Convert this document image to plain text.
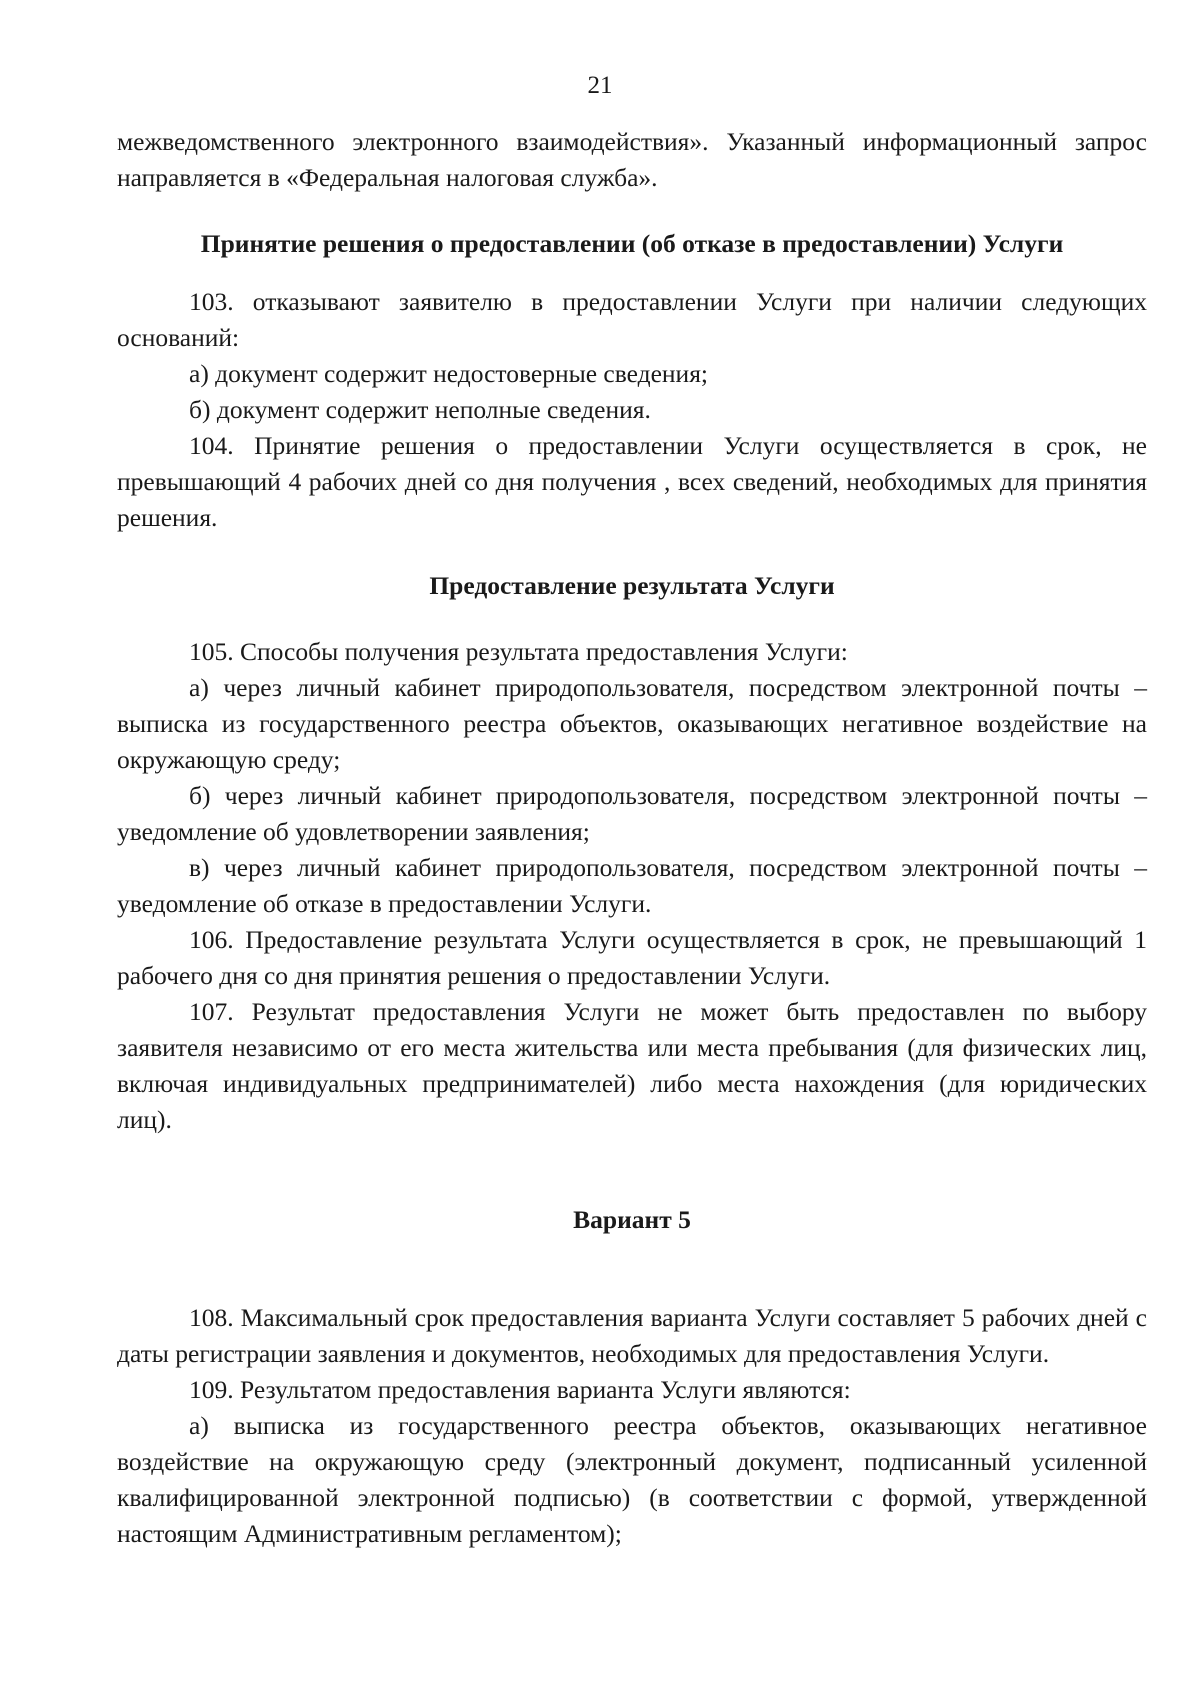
21

межведомственного электронного взаимодействия». Указанный информационный запрос направляется в «Федеральная налоговая служба».

Принятие решения о предоставлении (об отказе в предоставлении) Услуги

103. отказывают заявителю в предоставлении Услуги при наличии следующих оснований:

а) документ содержит недостоверные сведения;

б) документ содержит неполные сведения.

104. Принятие решения о предоставлении Услуги осуществляется в срок, не превышающий 4 рабочих дней со дня получения , всех сведений, необходимых для принятия решения.

Предоставление результата Услуги

105. Способы получения результата предоставления Услуги:

а) через личный кабинет природопользователя, посредством электронной почты – выписка из государственного реестра объектов, оказывающих негативное воздействие на окружающую среду;

б) через личный кабинет природопользователя, посредством электронной почты – уведомление об удовлетворении заявления;

в) через личный кабинет природопользователя, посредством электронной почты – уведомление об отказе в предоставлении Услуги.

106. Предоставление результата Услуги осуществляется в срок, не превышающий 1 рабочего дня со дня принятия решения о предоставлении Услуги.

107. Результат предоставления Услуги не может быть предоставлен по выбору заявителя независимо от его места жительства или места пребывания (для физических лиц, включая индивидуальных предпринимателей) либо места нахождения (для юридических лиц).

Вариант 5

108. Максимальный срок предоставления варианта Услуги составляет 5 рабочих дней с даты регистрации заявления и документов, необходимых для предоставления Услуги.

109. Результатом предоставления варианта Услуги являются:

а) выписка из государственного реестра объектов, оказывающих негативное воздействие на окружающую среду (электронный документ, подписанный усиленной квалифицированной электронной подписью) (в соответствии с формой, утвержденной настоящим Административным регламентом);
